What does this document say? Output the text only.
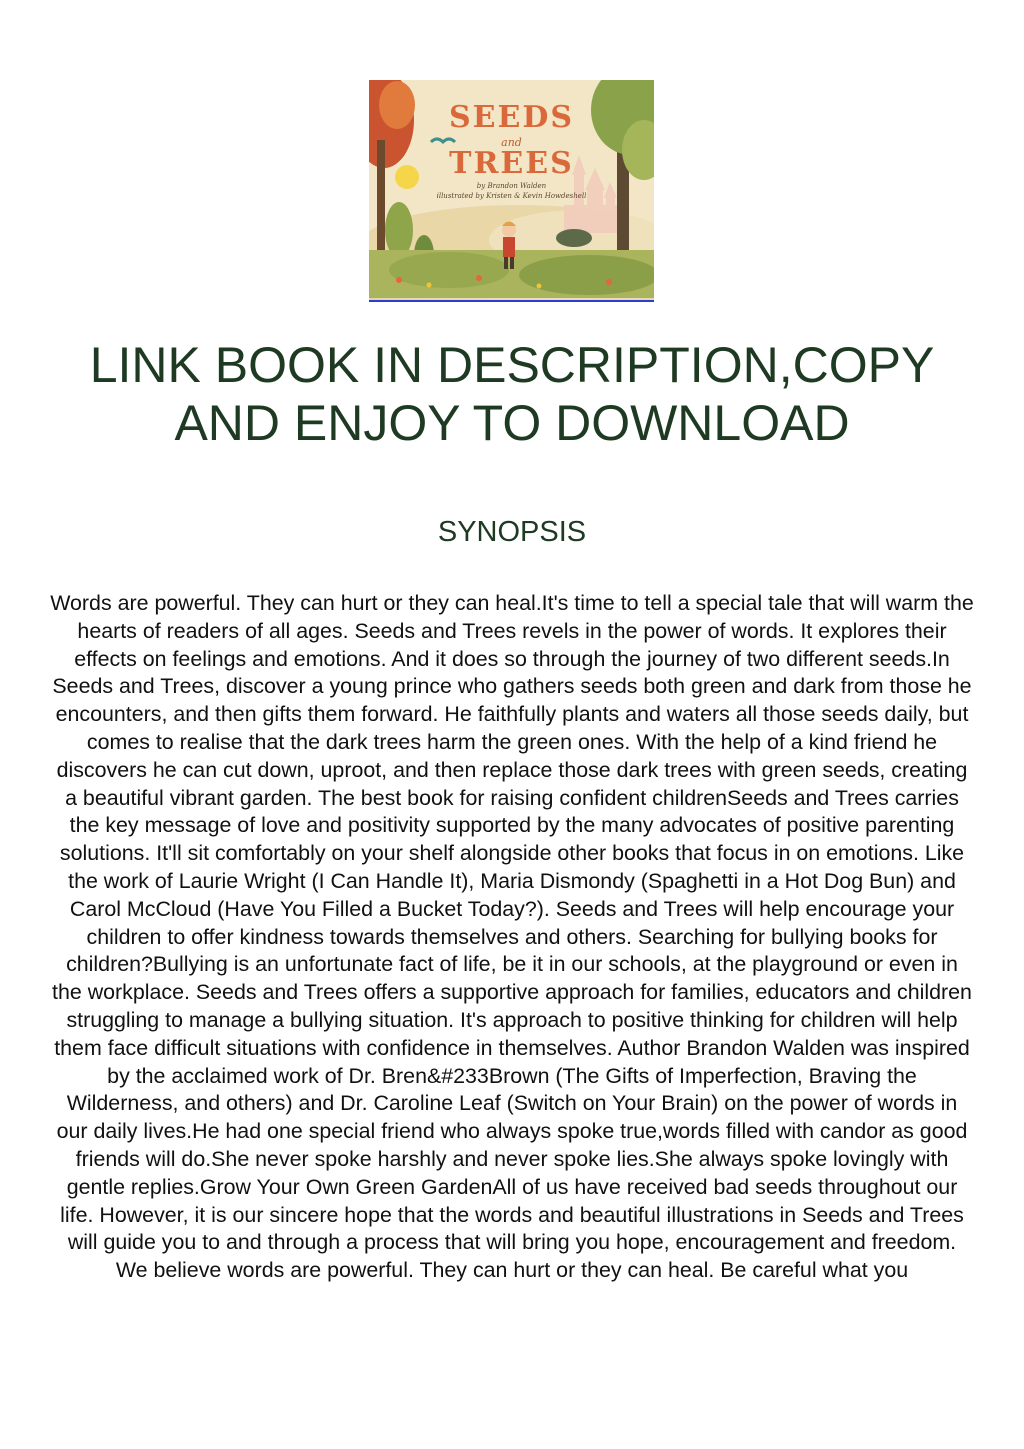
SEEDS
and
TREES
by Brandon Walden
illustrated by Kristen & Kevin Howdeshell
LINK BOOK IN DESCRIPTION,COPY AND ENJOY TO DOWNLOAD
SYNOPSIS

Words are powerful. They can hurt or they can heal.It's time to tell a special tale that will warm the hearts of readers of all ages. Seeds and Trees revels in the power of words. It explores their effects on feelings and emotions. And it does so through the journey of two different seeds.In Seeds and Trees, discover a young prince who gathers seeds both green and dark from those he encounters, and then gifts them forward. He faithfully plants and waters all those seeds daily, but comes to realise that the dark trees harm the green ones. With the help of a kind friend he discovers he can cut down, uproot, and then replace those dark trees with green seeds, creating a beautiful vibrant garden. The best book for raising confident childrenSeeds and Trees carries the key message of love and positivity supported by the many advocates of positive parenting solutions. It'll sit comfortably on your shelf alongside other books that focus in on emotions. Like the work of Laurie Wright (I Can Handle It), Maria Dismondy (Spaghetti in a Hot Dog Bun) and Carol McCloud (Have You Filled a Bucket Today?). Seeds and Trees will help encourage your children to offer kindness towards themselves and others. Searching for bullying books for children?Bullying is an unfortunate fact of life, be it in our schools, at the playground or even in the workplace. Seeds and Trees offers a supportive approach for families, educators and children struggling to manage a bullying situation. It's approach to positive thinking for children will help them face difficult situations with confidence in themselves. Author Brandon Walden was inspired by the acclaimed work of Dr. Bren&#233Brown (The Gifts of Imperfection, Braving the Wilderness, and others) and Dr. Caroline Leaf (Switch on Your Brain) on the power of words in our daily lives.He had one special friend who always spoke true,words filled with candor as good friends will do.She never spoke harshly and never spoke lies.She always spoke lovingly with gentle replies.Grow Your Own Green GardenAll of us have received bad seeds throughout our life. However, it is our sincere hope that the words and beautiful illustrations in Seeds and Trees will guide you to and through a process that will bring you hope, encouragement and freedom. We believe words are powerful. They can hurt or they can heal. Be careful what you
